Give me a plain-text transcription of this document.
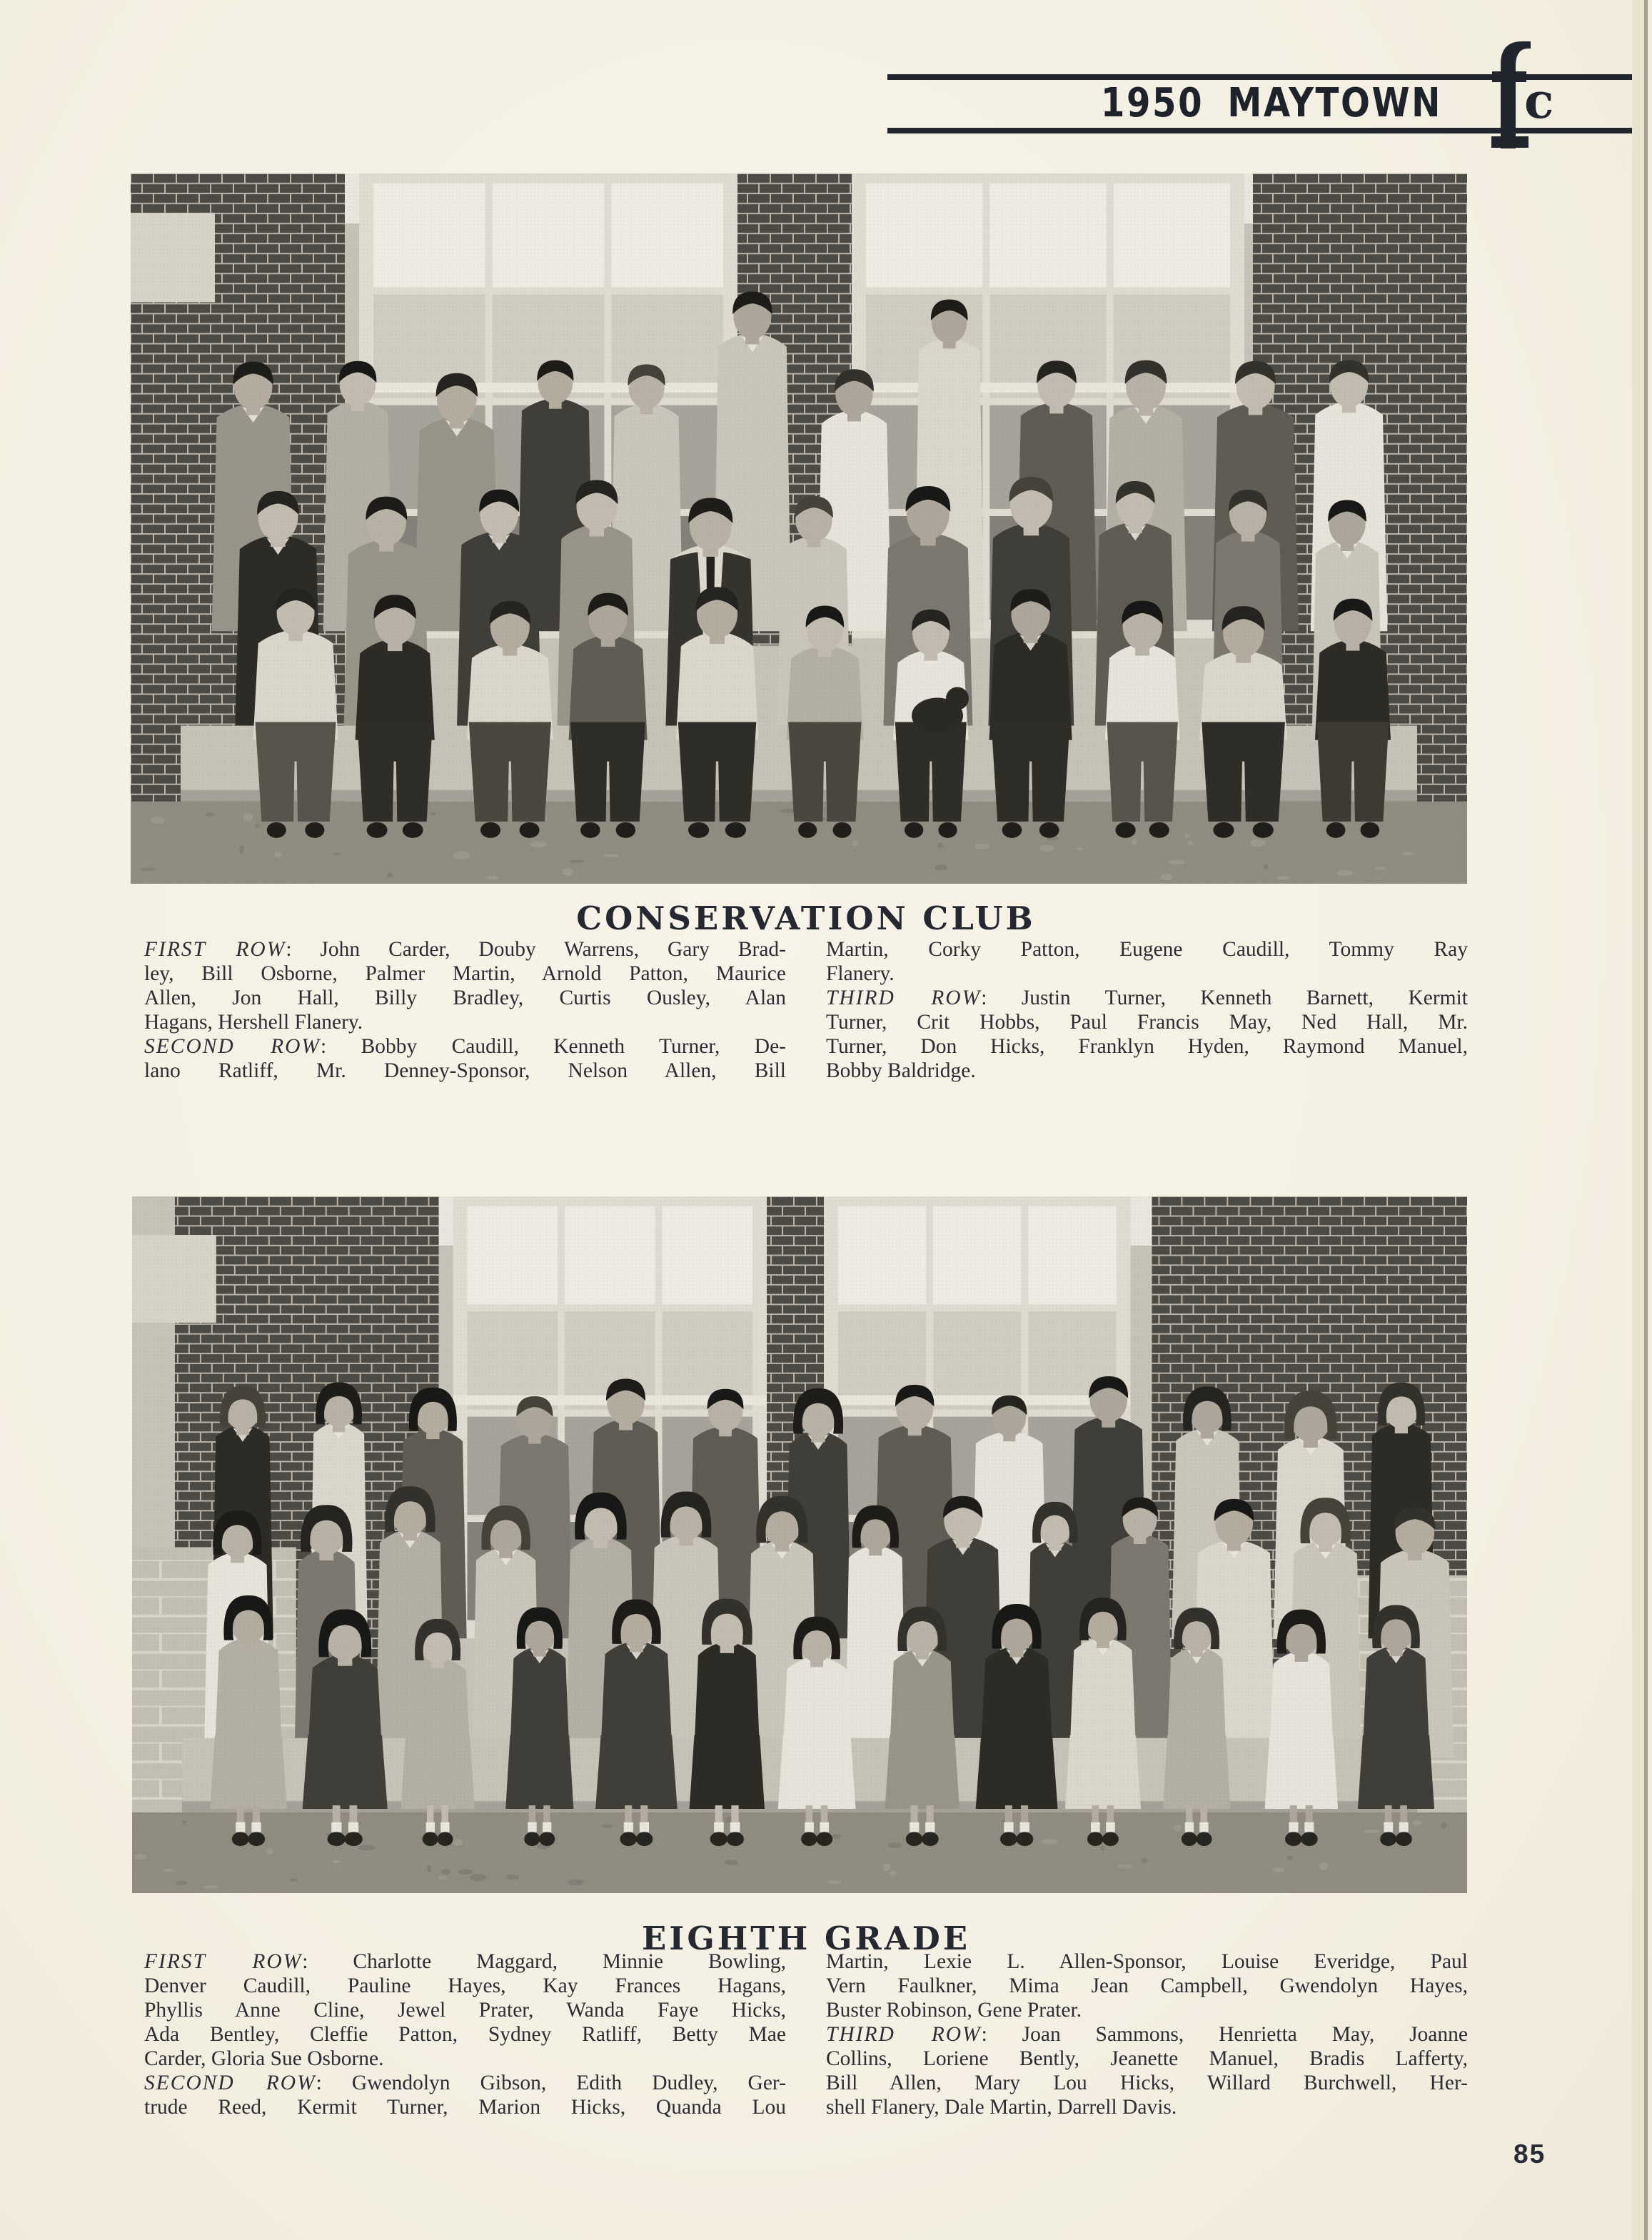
1950 MAYTOWN c
CONSERVATION CLUB
FIRST ROW: John Carder, Douby Warrens, Gary Brad-
ley, Bill Osborne, Palmer Martin, Arnold Patton, Maurice
Allen, Jon Hall, Billy Bradley, Curtis Ousley, Alan
Hagans, Hershell Flanery.
SECOND ROW: Bobby Caudill, Kenneth Turner, De-
lano Ratliff, Mr. Denney-Sponsor, Nelson Allen, Bill
Martin, Corky Patton, Eugene Caudill, Tommy Ray
Flanery.
THIRD ROW: Justin Turner, Kenneth Barnett, Kermit
Turner, Crit Hobbs, Paul Francis May, Ned Hall, Mr.
Turner, Don Hicks, Franklyn Hyden, Raymond Manuel,
Bobby Baldridge.
EIGHTH GRADE
FIRST ROW: Charlotte Maggard, Minnie Bowling,
Denver Caudill, Pauline Hayes, Kay Frances Hagans,
Phyllis Anne Cline, Jewel Prater, Wanda Faye Hicks,
Ada Bentley, Cleffie Patton, Sydney Ratliff, Betty Mae
Carder, Gloria Sue Osborne.
SECOND ROW: Gwendolyn Gibson, Edith Dudley, Ger-
trude Reed, Kermit Turner, Marion Hicks, Quanda Lou
Martin, Lexie L. Allen-Sponsor, Louise Everidge, Paul
Vern Faulkner, Mima Jean Campbell, Gwendolyn Hayes,
Buster Robinson, Gene Prater.
THIRD ROW: Joan Sammons, Henrietta May, Joanne
Collins, Loriene Bently, Jeanette Manuel, Bradis Lafferty,
Bill Allen, Mary Lou Hicks, Willard Burchwell, Her-
shell Flanery, Dale Martin, Darrell Davis.
85
